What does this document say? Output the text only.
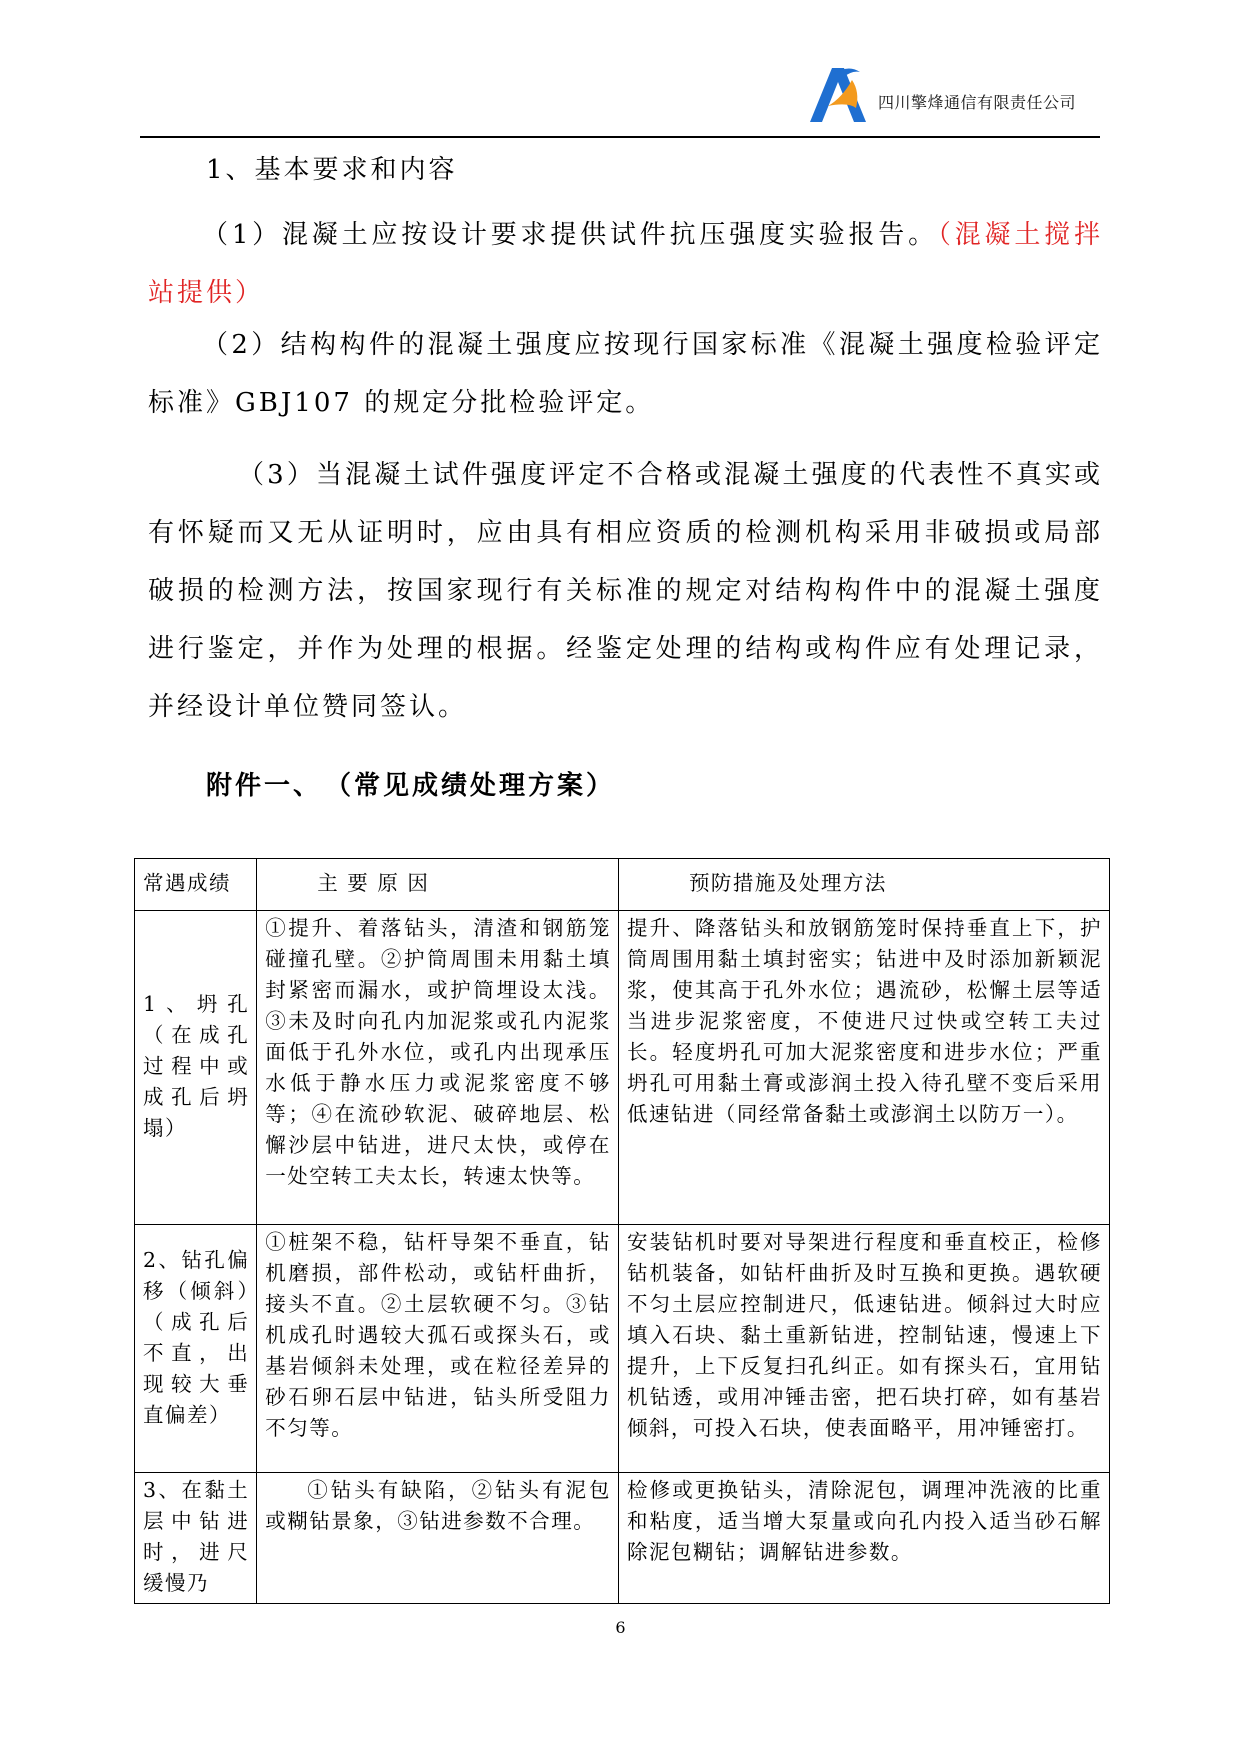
四川擎烽通信有限责任公司

1、基本要求和内容

（1）混凝土应按设计要求提供试件抗压强度实验报告。（混凝土搅拌站提供）

（2）结构构件的混凝土强度应按现行国家标准《混凝土强度检验评定标准》GBJ107 的规定分批检验评定。

（3）当混凝土试件强度评定不合格或混凝土强度的代表性不真实或有怀疑而又无从证明时，应由具有相应资质的检测机构采用非破损或局部破损的检测方法，按国家现行有关标准的规定对结构构件中的混凝土强度进行鉴定，并作为处理的根据。经鉴定处理的结构或构件应有处理记录，并经设计单位赞同签认。

附件一、　（常见成绩处理方案）

常遇成绩	主 要 原 因	预防措施及处理方法
1、坍孔（在成孔过程中或成孔后坍塌）	①提升、着落钻头，清渣和钢筋笼碰撞孔壁。②护筒周围未用黏土填封紧密而漏水，或护筒埋设太浅。③未及时向孔内加泥浆或孔内泥浆面低于孔外水位，或孔内出现承压水低于静水压力或泥浆密度不够等；④在流砂软泥、破碎地层、松懈沙层中钻进，进尺太快，或停在一处空转工夫太长，转速太快等。	提升、降落钻头和放钢筋笼时保持垂直上下，护筒周围用黏土填封密实；钻进中及时添加新颖泥浆，使其高于孔外水位；遇流砂，松懈土层等适当进步泥浆密度，不使进尺过快或空转工夫过长。轻度坍孔可加大泥浆密度和进步水位；严重坍孔可用黏土膏或澎润土投入待孔壁不变后采用低速钻进（同经常备黏土或澎润土以防万一）。
2、钻孔偏移（倾斜）（成孔后不直，出现较大垂直偏差）	①桩架不稳，钻杆导架不垂直，钻机磨损，部件松动，或钻杆曲折，接头不直。②土层软硬不匀。③钻机成孔时遇较大孤石或探头石，或基岩倾斜未处理，或在粒径差异的砂石卵石层中钻进，钻头所受阻力不匀等。	安装钻机时要对导架进行程度和垂直校正，检修钻机装备，如钻杆曲折及时互换和更换。遇软硬不匀土层应控制进尺，低速钻进。倾斜过大时应填入石块、黏土重新钻进，控制钻速，慢速上下提升，上下反复扫孔纠正。如有探头石，宜用钻机钻透，或用冲锤击密，把石块打碎，如有基岩倾斜，可投入石块，使表面略平，用冲锤密打。
3、在黏土层中钻进时，进尺缓慢乃	①钻头有缺陷，②钻头有泥包或糊钻景象，③钻进参数不合理。	检修或更换钻头，清除泥包，调理冲洗液的比重和粘度，适当增大泵量或向孔内投入适当砂石解除泥包糊钻；调解钻进参数。
6
